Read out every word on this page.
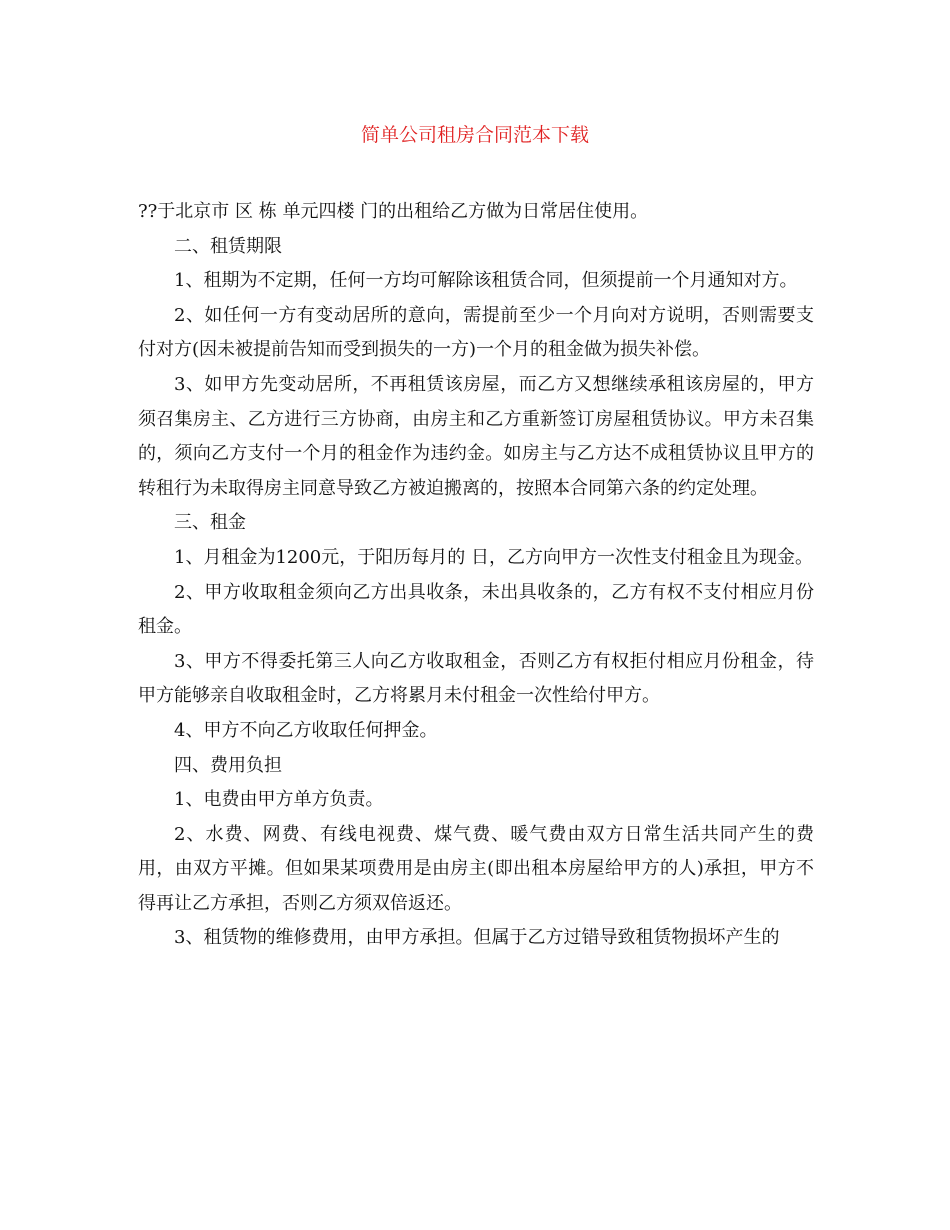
简单公司租房合同范本下载

??于北京市 区 栋 单元四楼 门的出租给乙方做为日常居住使用。

二、租赁期限

1、租期为不定期，任何一方均可解除该租赁合同，但须提前一个月通知对方。

2、如任何一方有变动居所的意向，需提前至少一个月向对方说明，否则需要支付对方(因未被提前告知而受到损失的一方)一个月的租金做为损失补偿。

3、如甲方先变动居所，不再租赁该房屋，而乙方又想继续承租该房屋的，甲方须召集房主、乙方进行三方协商，由房主和乙方重新签订房屋租赁协议。甲方未召集的，须向乙方支付一个月的租金作为违约金。如房主与乙方达不成租赁协议且甲方的转租行为未取得房主同意导致乙方被迫搬离的，按照本合同第六条的约定处理。

三、租金

1、月租金为1200元，于阳历每月的 日，乙方向甲方一次性支付租金且为现金。

2、甲方收取租金须向乙方出具收条，未出具收条的，乙方有权不支付相应月份租金。

3、甲方不得委托第三人向乙方收取租金，否则乙方有权拒付相应月份租金，待甲方能够亲自收取租金时，乙方将累月未付租金一次性给付甲方。

4、甲方不向乙方收取任何押金。

四、费用负担

1、电费由甲方单方负责。

2、水费、网费、有线电视费、煤气费、暖气费由双方日常生活共同产生的费用，由双方平摊。但如果某项费用是由房主(即出租本房屋给甲方的人)承担，甲方不得再让乙方承担，否则乙方须双倍返还。

3、租赁物的维修费用，由甲方承担。但属于乙方过错导致租赁物损坏产生的
